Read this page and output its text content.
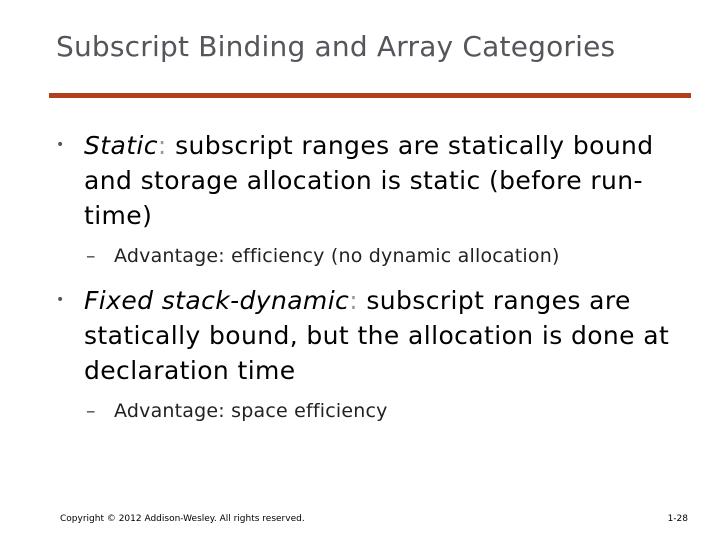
Subscript Binding and Array Categories
• Static: subscript ranges are statically bound and storage allocation is static (before run-time)
– Advantage: efficiency (no dynamic allocation)
• Fixed stack-dynamic: subscript ranges are statically bound, but the allocation is done at declaration time
– Advantage: space efficiency
Copyright © 2012 Addison-Wesley. All rights reserved.	1-28
